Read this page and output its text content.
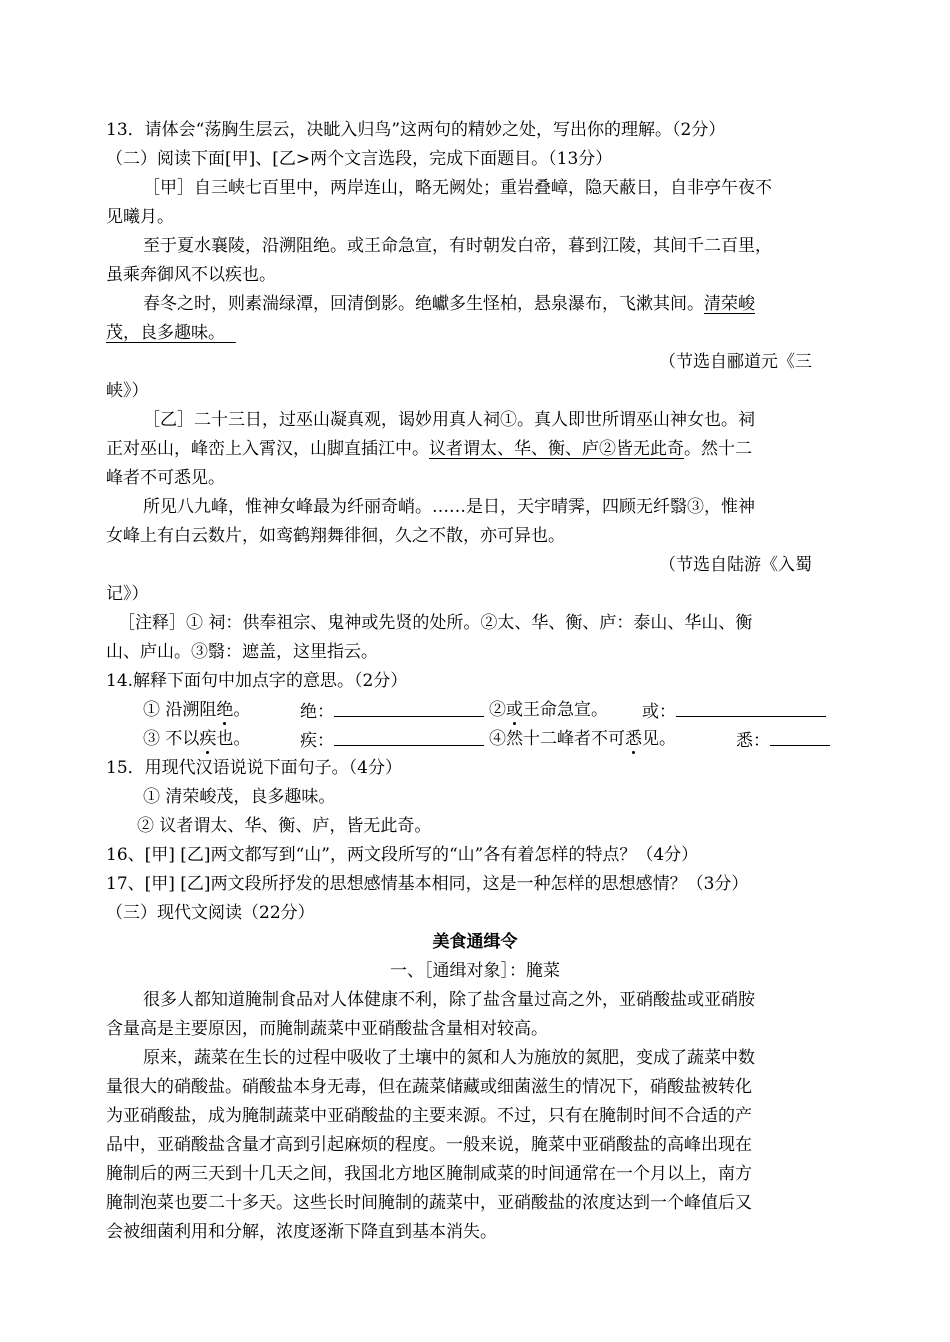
13．请体会“荡胸生层云，决眦入归鸟”这两句的精妙之处，写出你的理解。（2分）
（二）阅读下面[甲]、[乙>两个文言选段，完成下面题目。（13分）
［甲］自三峡七百里中，两岸连山，略无阙处；重岩叠嶂，隐天蔽日，自非亭午夜不
见曦月。
至于夏水襄陵，沿溯阻绝。或王命急宣，有时朝发白帝，暮到江陵，其间千二百里，
虽乘奔御风不以疾也。
春冬之时，则素湍绿潭，回清倒影。绝巘多生怪柏，悬泉瀑布，飞漱其间。清荣峻
茂，良多趣味。
（节选自郦道元《三
峡》）
［乙］二十三日，过巫山凝真观，谒妙用真人祠①。真人即世所谓巫山神女也。祠
正对巫山，峰峦上入霄汉，山脚直插江中。议者谓太、华、衡、庐②皆无此奇。然十二
峰者不可悉见。
所见八九峰，惟神女峰最为纤丽奇峭。……是日，天宇晴霁，四顾无纤翳③，惟神
女峰上有白云数片，如鸾鹤翔舞徘徊，久之不散，亦可异也。
（节选自陆游《入蜀
记》）
［注释］① 祠：供奉祖宗、鬼神或先贤的处所。②太、华、衡、庐：泰山、华山、衡
山、庐山。③翳：遮盖，这里指云。
14.解释下面句中加点字的意思。（2分）
① 沿溯阻绝。	绝：	②或王命急宣。 或：
③ 不以疾也。	疾：	④然十二峰者不可悉见。	悉：
15．用现代汉语说说下面句子。（4分）
① 清荣峻茂，良多趣味。
② 议者谓太、华、衡、庐，皆无此奇。
16、[甲] [乙]两文都写到“山”，两文段所写的“山”各有着怎样的特点？（4分）
17、[甲] [乙]两文段所抒发的思想感情基本相同，这是一种怎样的思想感情？（3分）
（三）现代文阅读（22分）
美食通缉令
一、［通缉对象］：腌菜
很多人都知道腌制食品对人体健康不利，除了盐含量过高之外，亚硝酸盐或亚硝胺
含量高是主要原因，而腌制蔬菜中亚硝酸盐含量相对较高。
原来，蔬菜在生长的过程中吸收了土壤中的氮和人为施放的氮肥，变成了蔬菜中数
量很大的硝酸盐。硝酸盐本身无毒，但在蔬菜储藏或细菌滋生的情况下，硝酸盐被转化
为亚硝酸盐，成为腌制蔬菜中亚硝酸盐的主要来源。不过，只有在腌制时间不合适的产
品中，亚硝酸盐含量才高到引起麻烦的程度。一般来说，腌菜中亚硝酸盐的高峰出现在
腌制后的两三天到十几天之间，我国北方地区腌制咸菜的时间通常在一个月以上，南方
腌制泡菜也要二十多天。这些长时间腌制的蔬菜中，亚硝酸盐的浓度达到一个峰值后又
会被细菌利用和分解，浓度逐渐下降直到基本消失。
